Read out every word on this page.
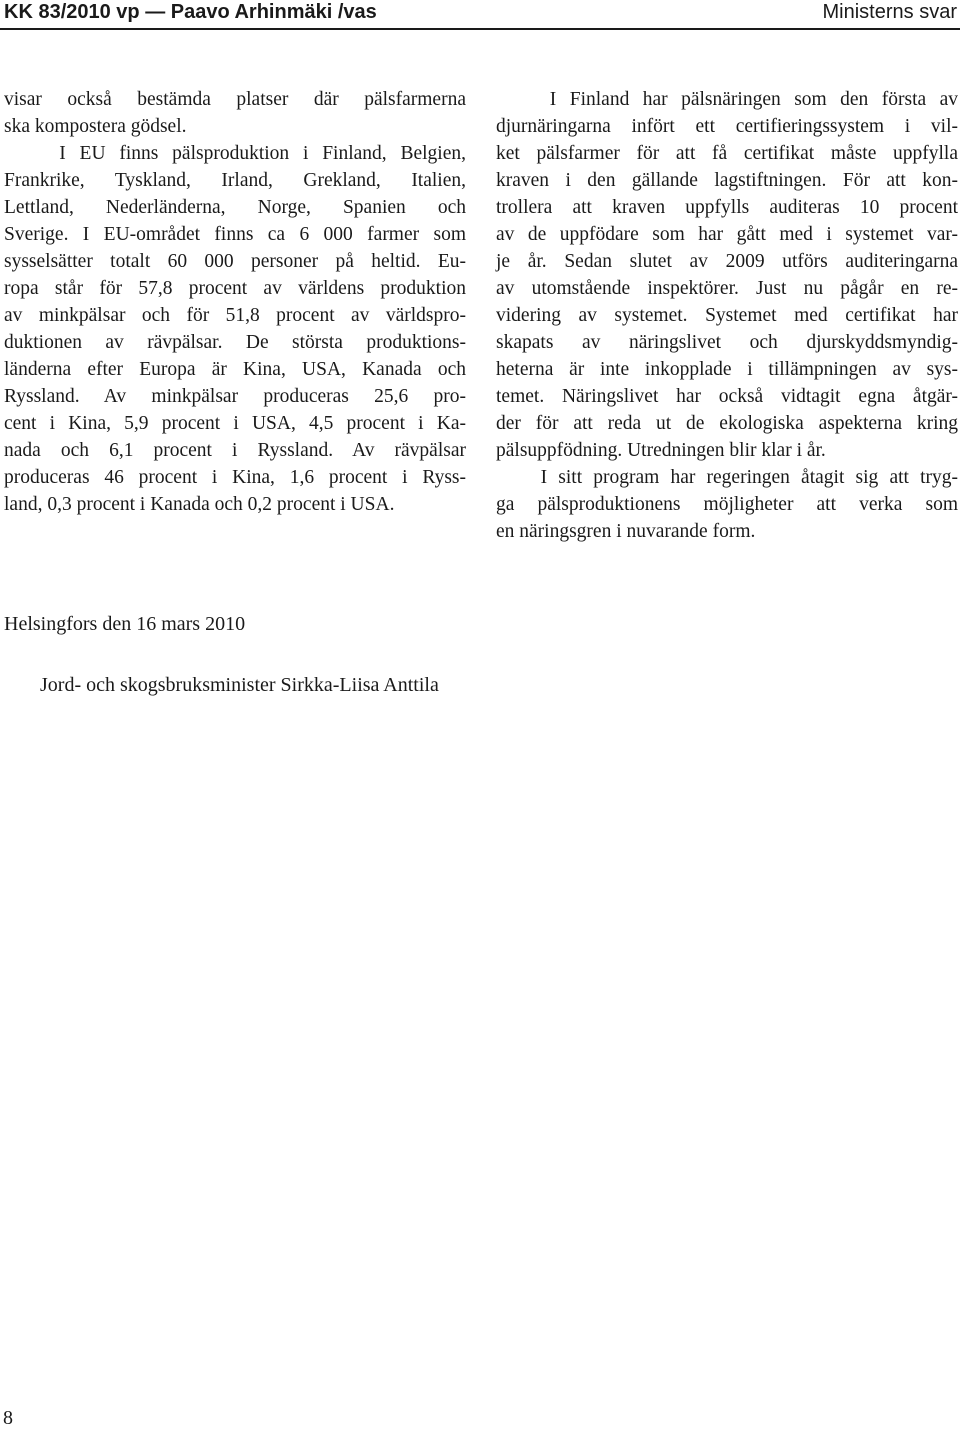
KK 83/2010 vp — Paavo Arhinmäki /vas	Ministerns svar
visar också bestämda platser där pälsfarmerna
ska kompostera gödsel.
I EU finns pälsproduktion i Finland, Belgien,
Frankrike, Tyskland, Irland, Grekland, Italien,
Lettland, Nederländerna, Norge, Spanien och
Sverige. I EU-området finns ca 6 000 farmer som
sysselsätter totalt 60 000 personer på heltid. Eu-
ropa står för 57,8 procent av världens produktion
av minkpälsar och för 51,8 procent av världspro-
duktionen av rävpälsar. De största produktions-
länderna efter Europa är Kina, USA, Kanada och
Ryssland. Av minkpälsar produceras 25,6 pro-
cent i Kina, 5,9 procent i USA, 4,5 procent i Ka-
nada och 6,1 procent i Ryssland. Av rävpälsar
produceras 46 procent i Kina, 1,6 procent i Ryss-
land, 0,3 procent i Kanada och 0,2 procent i USA.
I Finland har pälsnäringen som den första av
djurnäringarna infört ett certifieringssystem i vil-
ket pälsfarmer för att få certifikat måste uppfylla
kraven i den gällande lagstiftningen. För att kon-
trollera att kraven uppfylls auditeras 10 procent
av de uppfödare som har gått med i systemet var-
je år. Sedan slutet av 2009 utförs auditeringarna
av utomstående inspektörer. Just nu pågår en re-
videring av systemet. Systemet med certifikat har
skapats av näringslivet och djurskyddsmyndig-
heterna är inte inkopplade i tillämpningen av sys-
temet. Näringslivet har också vidtagit egna åtgär-
der för att reda ut de ekologiska aspekterna kring
pälsuppfödning. Utredningen blir klar i år.
I sitt program har regeringen åtagit sig att tryg-
ga pälsproduktionens möjligheter att verka som
en näringsgren i nuvarande form.
Helsingfors den 16 mars 2010
Jord- och skogsbruksminister Sirkka-Liisa Anttila
8
